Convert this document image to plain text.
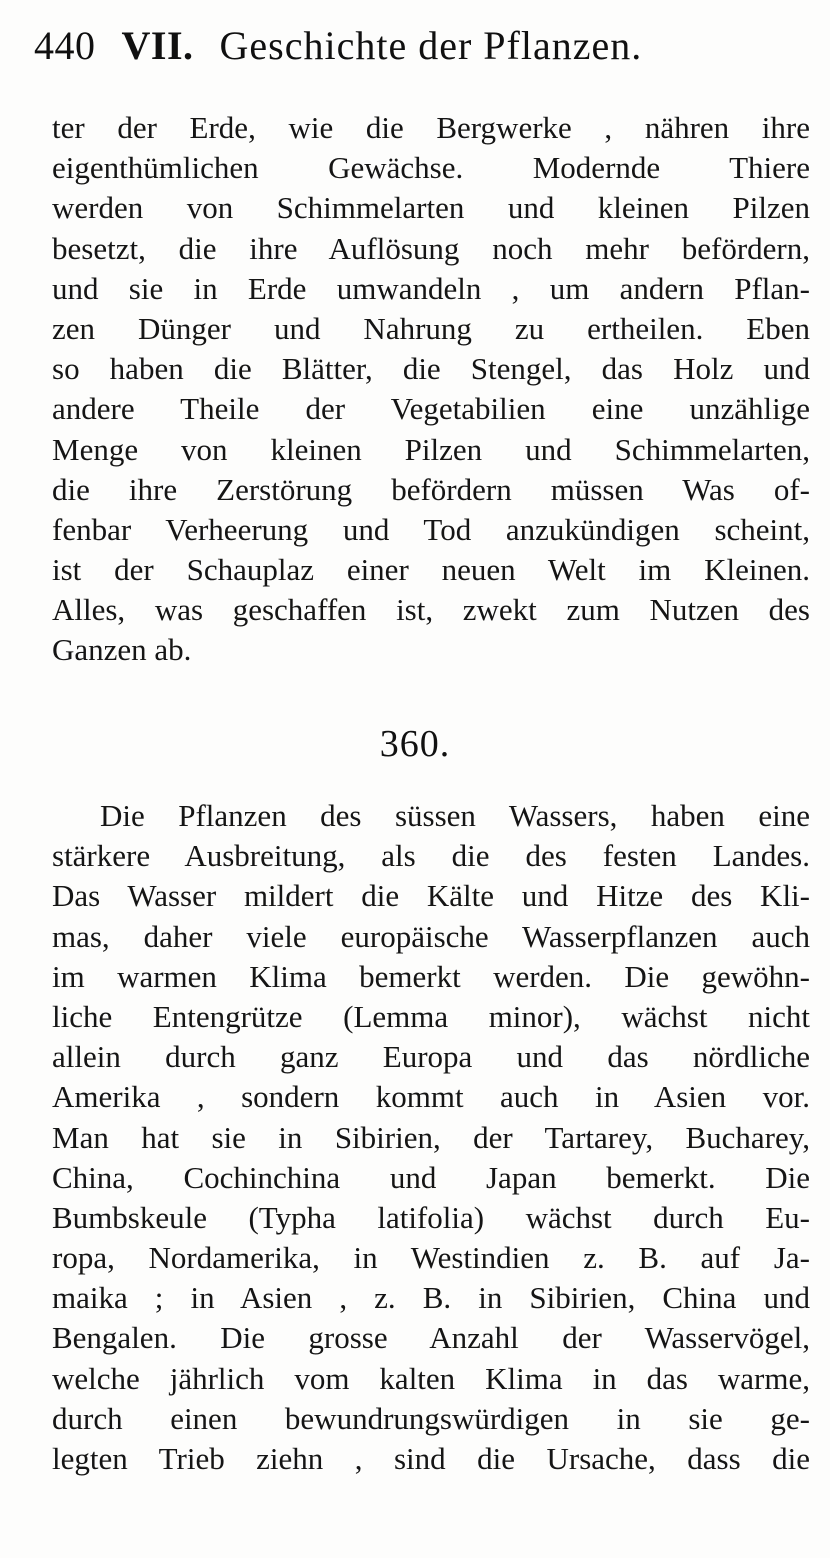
440 VII. Geschichte der Pflanzen.
ter der Erde, wie die Bergwerke , nähren ihre
eigenthümlichen Gewächse. Modernde Thiere
werden von Schimmelarten und kleinen Pilzen
besetzt, die ihre Auflösung noch mehr befördern,
und sie in Erde umwandeln , um andern Pflan-
zen Dünger und Nahrung zu ertheilen. Eben
so haben die Blätter, die Stengel, das Holz und
andere Theile der Vegetabilien eine unzählige
Menge von kleinen Pilzen und Schimmelarten,
die ihre Zerstörung befördern müssen Was of-
fenbar Verheerung und Tod anzukündigen scheint,
ist der Schauplaz einer neuen Welt im Kleinen.
Alles, was geschaffen ist, zwekt zum Nutzen des
Ganzen ab.
360.
Die Pflanzen des süssen Wassers, haben eine
stärkere Ausbreitung, als die des festen Landes.
Das Wasser mildert die Kälte und Hitze des Kli-
mas, daher viele europäische Wasserpflanzen auch
im warmen Klima bemerkt werden. Die gewöhn-
liche Entengrütze (Lemma minor), wächst nicht
allein durch ganz Europa und das nördliche
Amerika , sondern kommt auch in Asien vor.
Man hat sie in Sibirien, der Tartarey, Bucharey,
China, Cochinchina und Japan bemerkt. Die
Bumbskeule (Typha latifolia) wächst durch Eu-
ropa, Nordamerika, in Westindien z. B. auf Ja-
maika ; in Asien , z. B. in Sibirien, China und
Bengalen. Die grosse Anzahl der Wasservögel,
welche jährlich vom kalten Klima in das warme,
durch einen bewundrungswürdigen in sie ge-
legten Trieb ziehn , sind die Ursache, dass die
